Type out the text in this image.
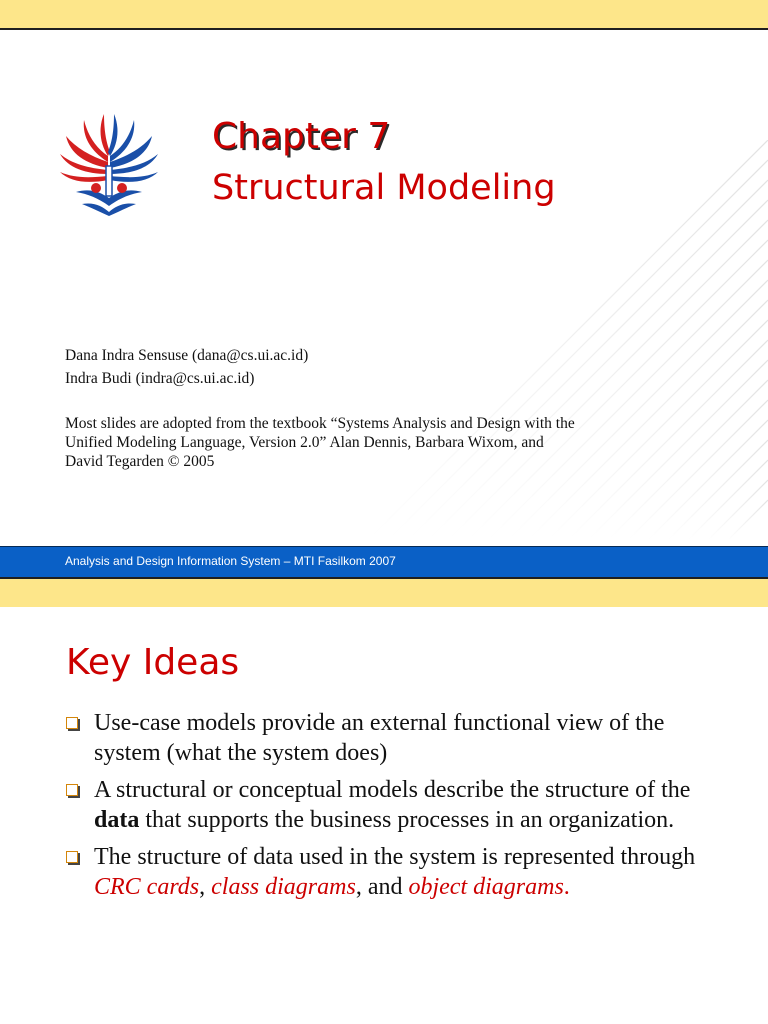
Chapter 7
Structural Modeling
Dana Indra Sensuse (dana@cs.ui.ac.id)
Indra Budi (indra@cs.ui.ac.id)
Most slides are adopted from the textbook “Systems Analysis and Design with the Unified Modeling Language, Version 2.0” Alan Dennis, Barbara Wixom, and David Tegarden © 2005
Analysis and Design Information System – MTI Fasilkom 2007
Key Ideas
Use-case models provide an external functional view of the system (what the system does)
A structural or conceptual models describe the structure of the data that supports the business processes in an organization.
The structure of data used in the system is represented through CRC cards, class diagrams, and object diagrams.
